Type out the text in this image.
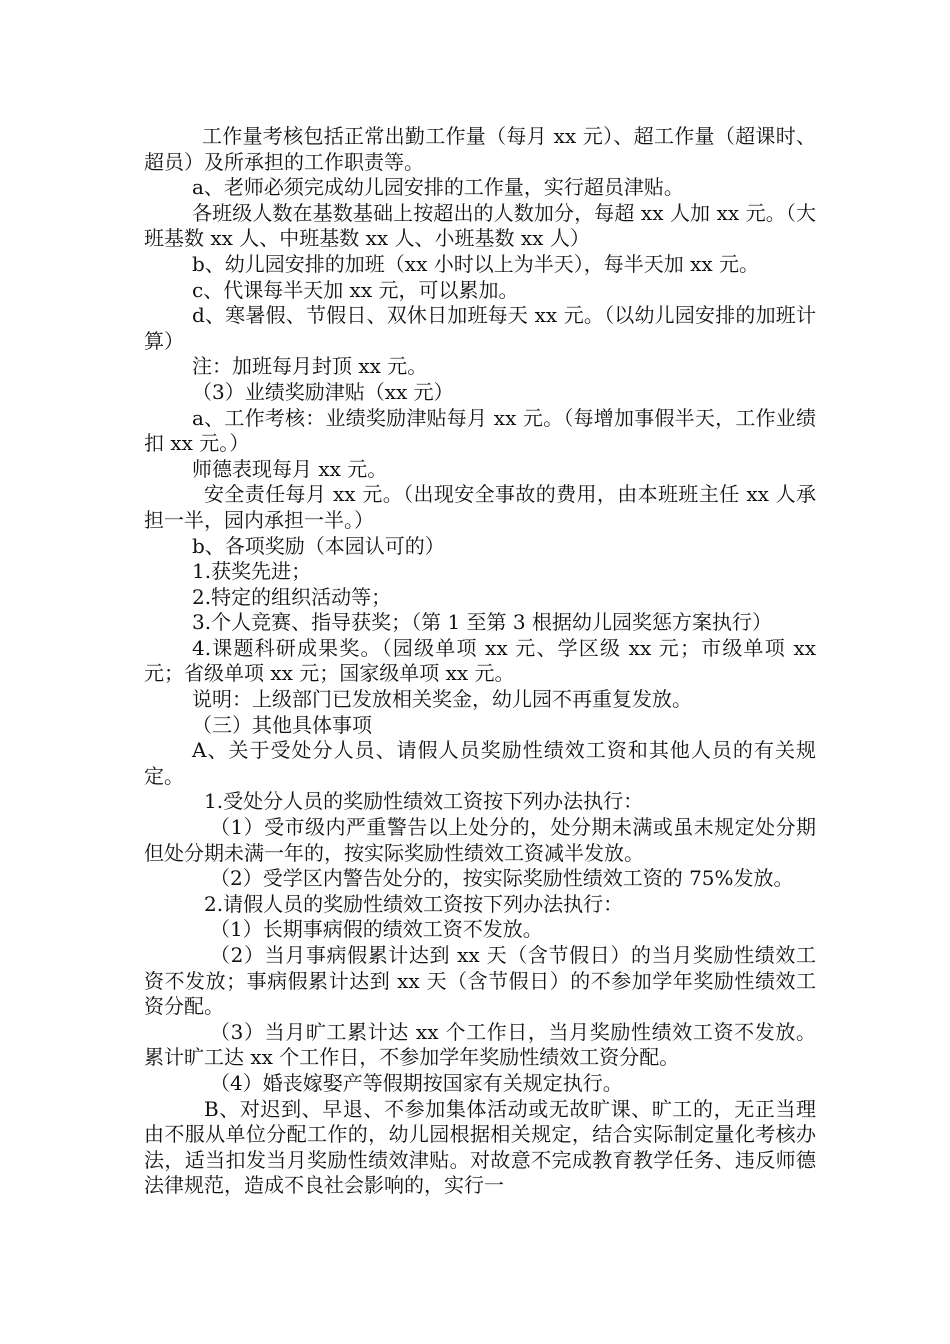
工作量考核包括正常出勤工作量（每月 xx 元）、超工作量（超课时、超员）及所承担的工作职责等。

a、老师必须完成幼儿园安排的工作量，实行超员津贴。

各班级人数在基数基础上按超出的人数加分，每超 xx 人加 xx 元。（大班基数 xx 人、中班基数 xx 人、小班基数 xx 人）

b、幼儿园安排的加班（xx 小时以上为半天），每半天加 xx 元。

c、代课每半天加 xx 元，可以累加。

d、寒暑假、节假日、双休日加班每天 xx 元。（以幼儿园安排的加班计算）

注：加班每月封顶 xx 元。

（3）业绩奖励津贴（xx 元）

a、工作考核：业绩奖励津贴每月 xx 元。（每增加事假半天，工作业绩扣 xx 元。）

师德表现每月 xx 元。

安全责任每月 xx 元。（出现安全事故的费用，由本班班主任 xx 人承担一半，园内承担一半。）

b、各项奖励（本园认可的）

1.获奖先进；

2.特定的组织活动等；

3.个人竞赛、指导获奖；（第 1 至第 3 根据幼儿园奖惩方案执行）

4.课题科研成果奖。（园级单项 xx 元、学区级 xx 元；市级单项 xx 元；省级单项 xx 元；国家级单项 xx 元。

说明：上级部门已发放相关奖金，幼儿园不再重复发放。

（三）其他具体事项

A、关于受处分人员、请假人员奖励性绩效工资和其他人员的有关规定。

1.受处分人员的奖励性绩效工资按下列办法执行：

（1）受市级内严重警告以上处分的，处分期未满或虽未规定处分期但处分期未满一年的，按实际奖励性绩效工资减半发放。

（2）受学区内警告处分的，按实际奖励性绩效工资的 75%发放。

2.请假人员的奖励性绩效工资按下列办法执行：

（1）长期事病假的绩效工资不发放。

（2）当月事病假累计达到 xx 天（含节假日）的当月奖励性绩效工资不发放；事病假累计达到 xx 天（含节假日）的不参加学年奖励性绩效工资分配。

（3）当月旷工累计达 xx 个工作日，当月奖励性绩效工资不发放。累计旷工达 xx 个工作日，不参加学年奖励性绩效工资分配。

（4）婚丧嫁娶产等假期按国家有关规定执行。

B、对迟到、早退、不参加集体活动或无故旷课、旷工的，无正当理由不服从单位分配工作的，幼儿园根据相关规定，结合实际制定量化考核办法，适当扣发当月奖励性绩效津贴。对故意不完成教育教学任务、违反师德法律规范，造成不良社会影响的，实行一
